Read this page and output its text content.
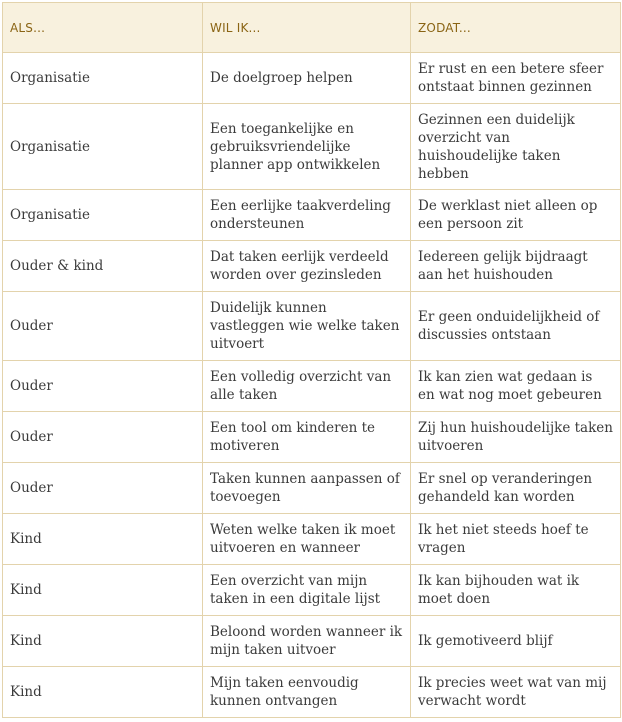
ALS...	WIL IK...	ZODAT...
Organisatie	De doelgroep helpen	Er rust en een betere sfeer ontstaat binnen gezinnen
Organisatie	Een toegankelijke en gebruiksvriendelijke planner app ontwikkelen	Gezinnen een duidelijk overzicht van huishoudelijke taken hebben
Organisatie	Een eerlijke taakverdeling ondersteunen	De werklast niet alleen op een persoon zit
Ouder & kind	Dat taken eerlijk verdeeld worden over gezinsleden	Iedereen gelijk bijdraagt aan het huishouden
Ouder	Duidelijk kunnen vastleggen wie welke taken uitvoert	Er geen onduidelijkheid of discussies ontstaan
Ouder	Een volledig overzicht van alle taken	Ik kan zien wat gedaan is en wat nog moet gebeuren
Ouder	Een tool om kinderen te motiveren	Zij hun huishoudelijke taken uitvoeren
Ouder	Taken kunnen aanpassen of toevoegen	Er snel op veranderingen gehandeld kan worden
Kind	Weten welke taken ik moet uitvoeren en wanneer	Ik het niet steeds hoef te vragen
Kind	Een overzicht van mijn taken in een digitale lijst	Ik kan bijhouden wat ik moet doen
Kind	Beloond worden wanneer ik mijn taken uitvoer	Ik gemotiveerd blijf
Kind	Mijn taken eenvoudig kunnen ontvangen	Ik precies weet wat van mij verwacht wordt
